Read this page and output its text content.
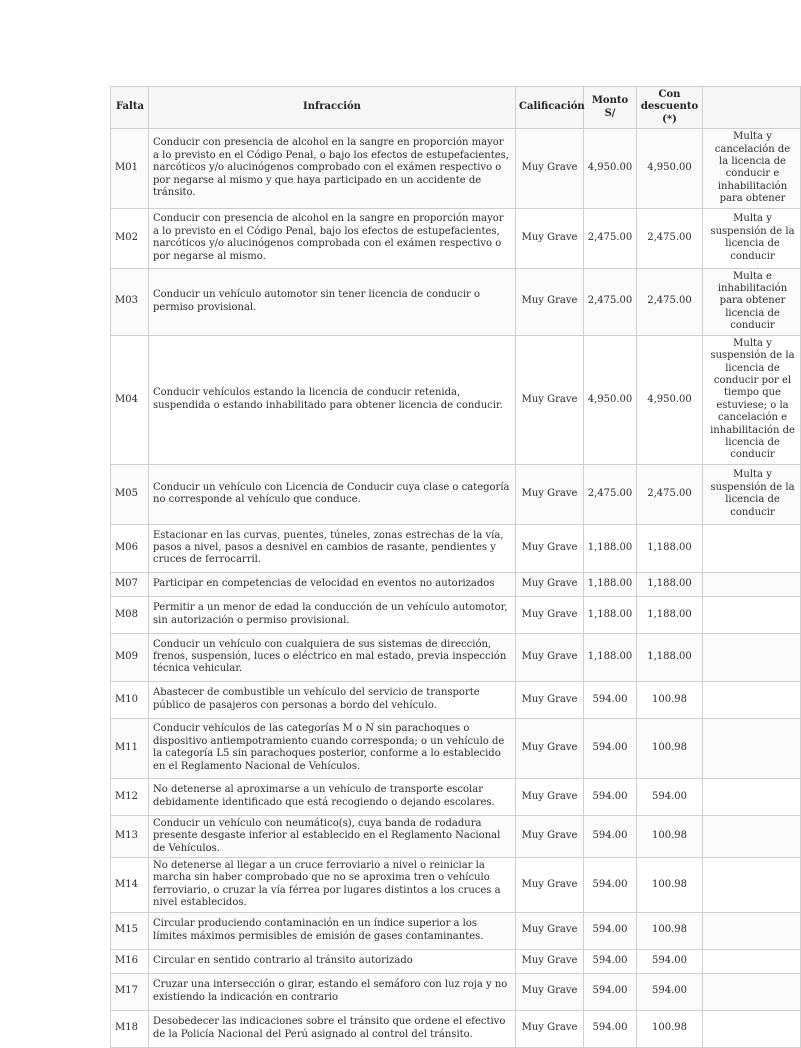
Falta	Infracción	Calificación	Monto S/	Con
descuento
(*)	
M01	Conducir con presencia de alcohol en la sangre en proporción mayor a lo previsto en el Código Penal, o bajo los efectos de estupefacientes, narcóticos y/o alucinógenos comprobado con el exámen respectivo o por negarse al mismo y que haya participado en un accidente de tránsito.	Muy Grave	4,950.00	4,950.00	Multa y cancelación de la licencia de conducir e inhabilitación para obtener
M02	Conducir con presencia de alcohol en la sangre en proporción mayor a lo previsto en el Código Penal, bajo los efectos de estupefacientes, narcóticos y/o alucinógenos comprobada con el exámen respectivo o por negarse al mismo.	Muy Grave	2,475.00	2,475.00	Multa y suspensión de la licencia de conducir
M03	Conducir un vehículo automotor sin tener licencia de conducir o permiso provisional.	Muy Grave	2,475.00	2,475.00	Multa e inhabilitación para obtener licencia de conducir
M04	Conducir vehículos estando la licencia de conducir retenida, suspendida o estando inhabilitado para obtener licencia de conducir.	Muy Grave	4,950.00	4,950.00	Multa y suspensión de la licencia de conducir por el tiempo que estuviese; o la cancelación e inhabilitación de licencia de conducir
M05	Conducir un vehículo con Licencia de Conducir cuya clase o categoría no corresponde al vehículo que conduce.	Muy Grave	2,475.00	2,475.00	Multa y suspensión de la licencia de conducir
M06	Estacionar en las curvas, puentes, túneles, zonas estrechas de la vía, pasos a nivel, pasos a desnivel en cambios de rasante, pendientes y cruces de ferrocarril.	Muy Grave	1,188.00	1,188.00	
M07	Participar en competencias de velocidad en eventos no autorizados	Muy Grave	1,188.00	1,188.00	
M08	Permitir a un menor de edad la conducción de un vehículo automotor, sin autorización o permiso provisional.	Muy Grave	1,188.00	1,188.00	
M09	Conducir un vehículo con cualquiera de sus sistemas de dirección, frenos, suspensión, luces o eléctrico en mal estado, previa inspección técnica vehicular.	Muy Grave	1,188.00	1,188.00	
M10	Abastecer de combustible un vehículo del servicio de transporte público de pasajeros con personas a bordo del vehículo.	Muy Grave	594.00	100.98	
M11	Conducir vehículos de las categorías M o N sin parachoques o dispositivo antiempotramiento cuando corresponda; o un vehículo de la categoría L5 sin parachoques posterior, conforme a lo establecido en el Reglamento Nacional de Vehículos.	Muy Grave	594.00	100.98	
M12	No detenerse al aproximarse a un vehículo de transporte escolar debidamente identificado que está recogiendo o dejando escolares.	Muy Grave	594.00	594.00	
M13	Conducir un vehículo con neumático(s), cuya banda de rodadura presente desgaste inferior al establecido en el Reglamento Nacional de Vehículos.	Muy Grave	594.00	100.98	
M14	No detenerse al llegar a un cruce ferroviario a nivel o reiniciar la marcha sin haber comprobado que no se aproxima tren o vehículo ferroviario, o cruzar la vía férrea por lugares distintos a los cruces a nivel establecidos.	Muy Grave	594.00	100.98	
M15	Circular produciendo contaminación en un índice superior a los límites máximos permisibles de emisión de gases contaminantes.	Muy Grave	594.00	100.98	
M16	Circular en sentido contrario al tránsito autorizado	Muy Grave	594.00	594.00	
M17	Cruzar una intersección o girar, estando el semáforo con luz roja y no existiendo la indicación en contrario	Muy Grave	594.00	594.00	
M18	Desobedecer las indicaciones sobre el tránsito que ordene el efectivo de la Policía Nacional del Perú asignado al control del tránsito.	Muy Grave	594.00	100.98	
